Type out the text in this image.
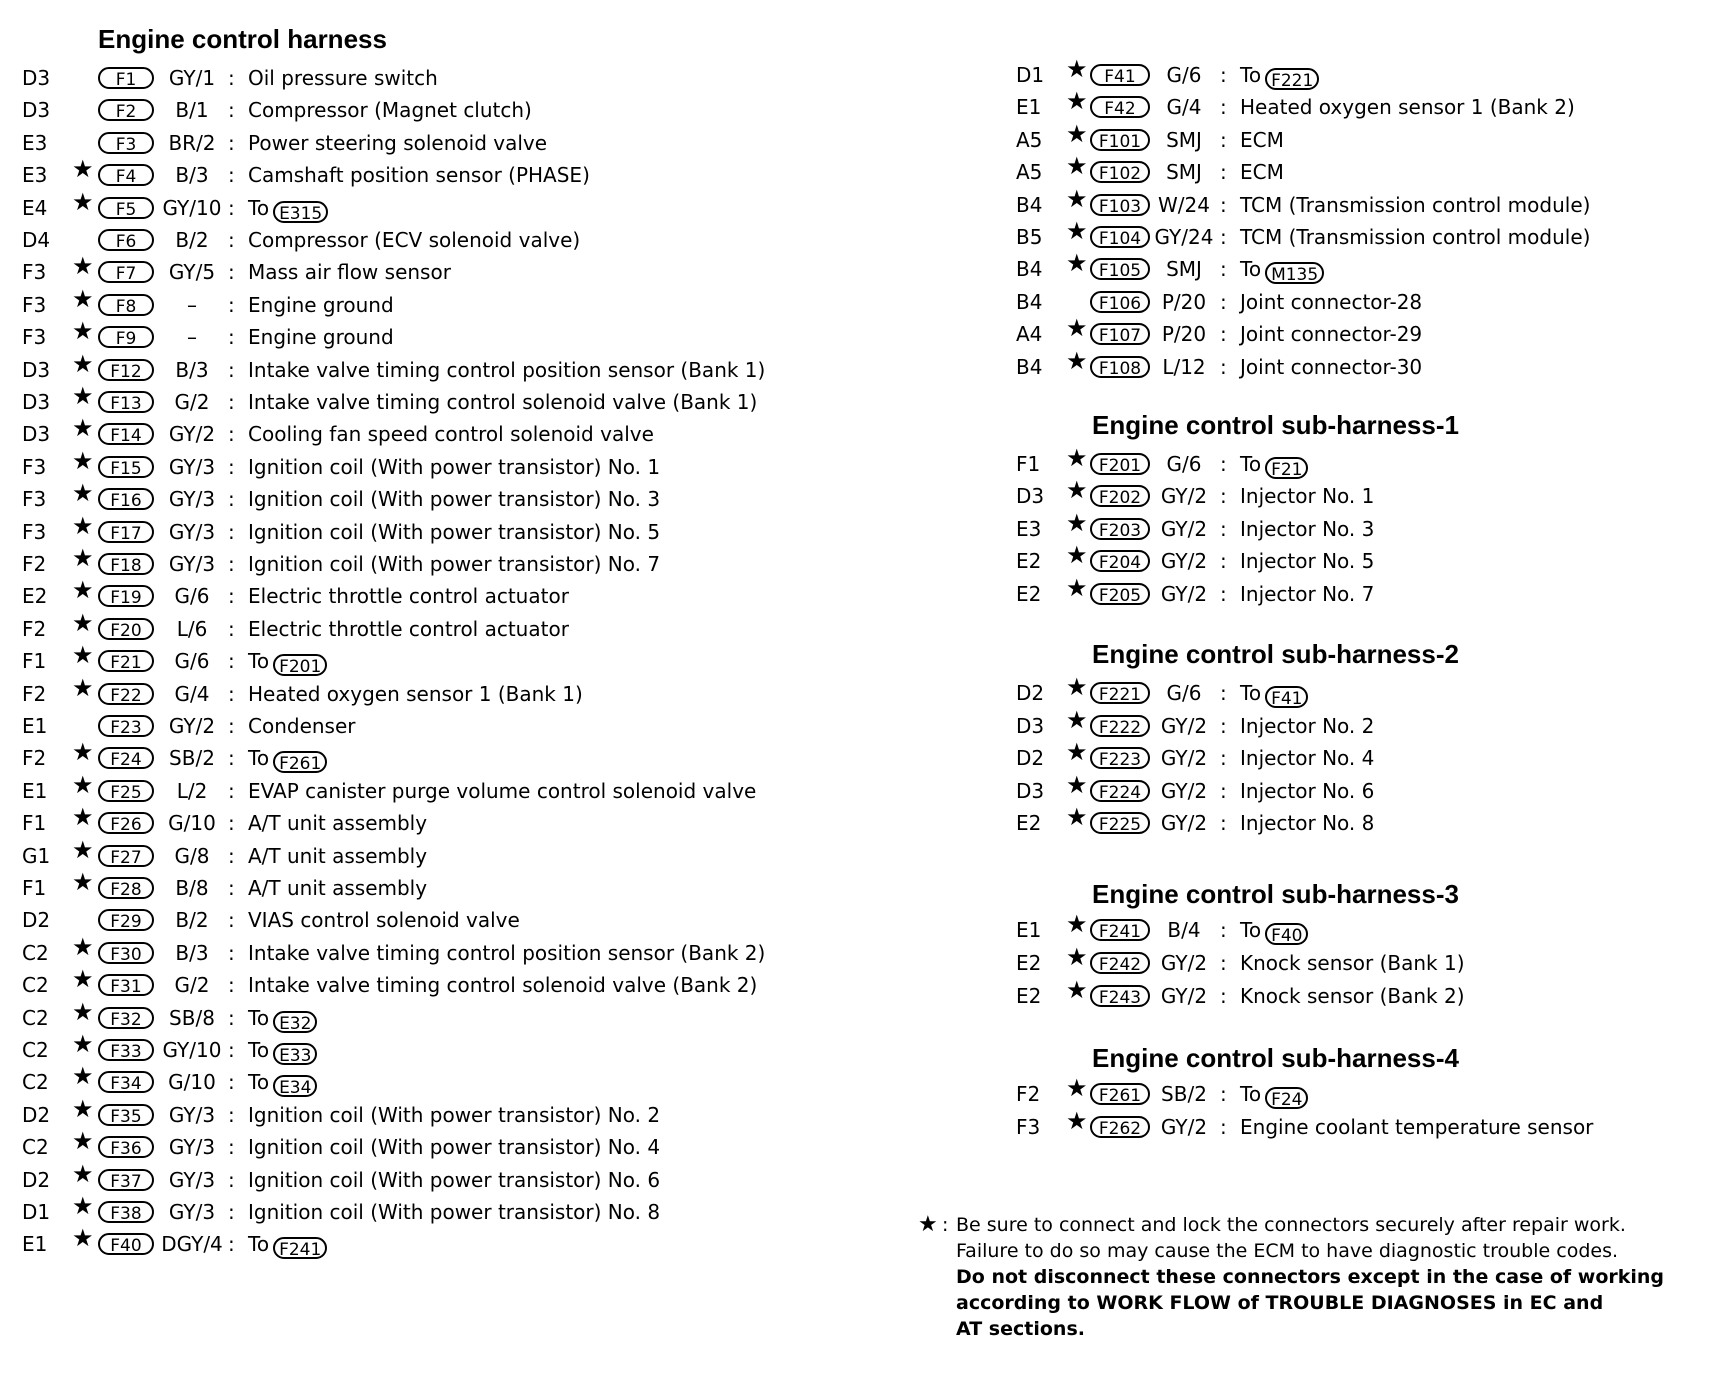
Engine control harness
D3	F1	GY/1 : Oil pressure switch
D3	F2	B/1 : Compressor (Magnet clutch)
E3	F3	BR/2 : Power steering solenoid valve
E3 ★	F4	B/3 : Camshaft position sensor (PHASE)
E4 ★	F5	GY/10 : To E315
D4	F6	B/2 : Compressor (ECV solenoid valve)
F3 ★	F7	GY/5 : Mass air flow sensor
F3 ★	F8	–	: Engine ground
F3 ★	F9	–	: Engine ground
D3 ★ F12	B/3 : Intake valve timing control position sensor (Bank 1)
D3 ★ F13	G/2 : Intake valve timing control solenoid valve (Bank 1)
D3 ★ F14	GY/2 : Cooling fan speed control solenoid valve
F3 ★ F15	GY/3 : Ignition coil (With power transistor) No. 1
F3 ★ F16	GY/3 : Ignition coil (With power transistor) No. 3
F3 ★ F17	GY/3 : Ignition coil (With power transistor) No. 5
F2 ★ F18	GY/3 : Ignition coil (With power transistor) No. 7
E2 ★ F19	G/6 : Electric throttle control actuator
F2 ★ F20	L/6	: Electric throttle control actuator
F1 ★ F21	G/6 : To F201
F2 ★ F22	G/4 : Heated oxygen sensor 1 (Bank 1)
E1	F23	GY/2 : Condenser
F2 ★ F24	SB/2 : To F261
E1 ★ F25	L/2	: EVAP canister purge volume control solenoid valve
F1 ★ F26	G/10 : A/T unit assembly
G1 ★ F27	G/8 : A/T unit assembly
F1 ★ F28	B/8 : A/T unit assembly
D2	F29	B/2 : VIAS control solenoid valve
C2 ★ F30	B/3 : Intake valve timing control position sensor (Bank 2)
C2 ★ F31	G/2 : Intake valve timing control solenoid valve (Bank 2)
C2 ★ F32	SB/8 : To E32
C2 ★ F33	GY/10 : To E33
C2 ★ F34	G/10 : To E34
D2 ★ F35	GY/3 : Ignition coil (With power transistor) No. 2
C2 ★ F36	GY/3 : Ignition coil (With power transistor) No. 4
D2 ★ F37	GY/3 : Ignition coil (With power transistor) No. 6
D1 ★ F38	GY/3 : Ignition coil (With power transistor) No. 8
E1 ★ F40 DGY/4 : To F241
D1 ★ F41	G/6 : To F221
E1 ★ F42	G/4 : Heated oxygen sensor 1 (Bank 2)
A5 ★ F101	SMJ : ECM
A5 ★ F102	SMJ : ECM
B4 ★ F103 W/24 : TCM (Transmission control module)
B5 ★ F104 GY/24 : TCM (Transmission control module)
B4 ★ F105	SMJ : To M135
B4	F106	P/20 : Joint connector-28
A4 ★ F107	P/20 : Joint connector-29
B4 ★ F108	L/12 : Joint connector-30
Engine control sub-harness-1
F1 ★ F201	G/6 : To F21
D3 ★ F202 GY/2 : Injector No. 1
E3 ★ F203 GY/2 : Injector No. 3
E2 ★ F204 GY/2 : Injector No. 5
E2 ★ F205 GY/2 : Injector No. 7
Engine control sub-harness-2
D2 ★ F221	G/6 : To F41
D3 ★ F222 GY/2 : Injector No. 2
D2 ★ F223 GY/2 : Injector No. 4
D3 ★ F224 GY/2 : Injector No. 6
E2 ★ F225 GY/2 : Injector No. 8
Engine control sub-harness-3
E1 ★ F241	B/4 : To F40
E2 ★ F242 GY/2 : Knock sensor (Bank 1)
E2 ★ F243 GY/2 : Knock sensor (Bank 2)
Engine control sub-harness-4
F2 ★ F261 SB/2 : To F24
F3 ★ F262 GY/2 : Engine coolant temperature sensor
★ : Be sure to connect and lock the connectors securely after repair work.
Failure to do so may cause the ECM to have diagnostic trouble codes.
Do not disconnect these connectors except in the case of working
according to WORK FLOW of TROUBLE DIAGNOSES in EC and
AT sections.
